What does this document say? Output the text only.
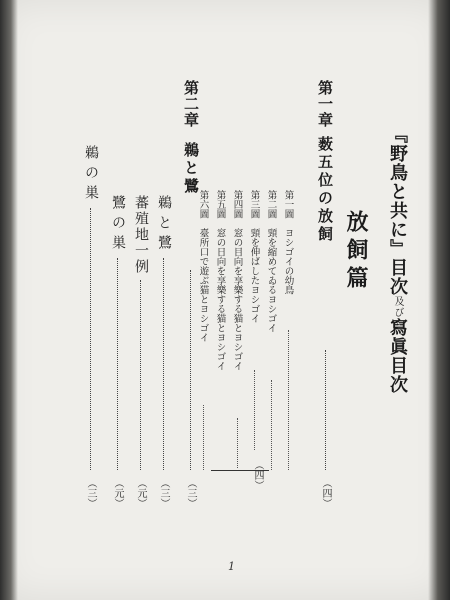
『野鳥と共に』目次及び寫眞目次
放飼篇
第一章薮五位の放飼
（四）
第一圖　ヨシゴイの幼鳥
第二圖　頸を縮めてゐるヨシゴイ
第三圖　頸を伸ばしたヨシゴイ
第四圖　窓の目向を享樂する猫とヨシゴイ
第五圖　窓の日向を享樂する猫とヨシゴイ
第六圖　臺所口で遊ぶ猫とヨシゴイ
（四）
第二章鵜と鷺
（三）
鵜と鷺
（三）
蕃殖地一例
（元）
鷺の巣
（元）
鵜の巣
（三）
1
